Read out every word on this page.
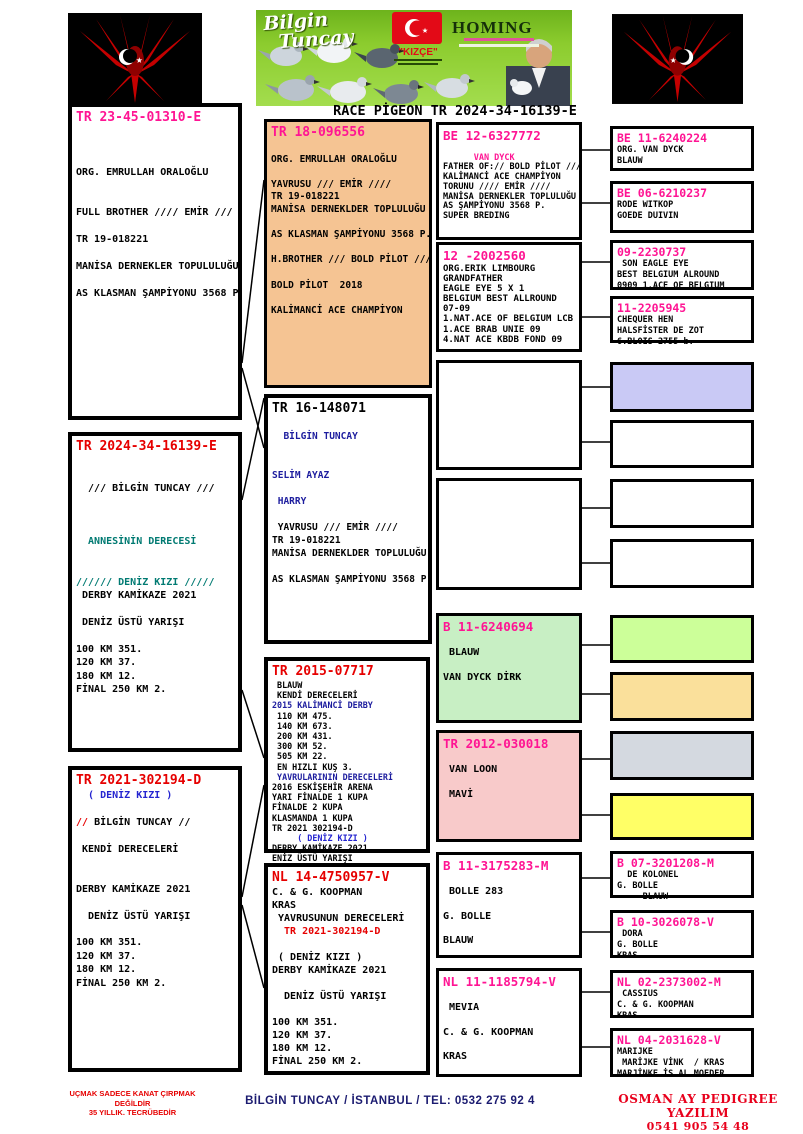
★
Bilgin
Tuncay	★
"KIZÇE"
HOMING
★
RACE PİGEON TR 2024-34-16139-E
TR 23-45-01310-E

ORG. EMRULLAH ORALOĞLU

FULL BROTHER //// EMİR ///

TR 19-018221

MANİSA DERNEKLER TOPULULUĞU

AS KLASMAN ŞAMPİYONU 3568 P
TR 2024-34-16139-E

/// BİLGİN TUNCAY ///

ANNESİNİN DERECESİ

////// DENİZ KIZI /////
DERBY KAMİKAZE 2021

DENİZ ÜSTÜ YARIŞI

100 KM 351.
120 KM 37.
180 KM 12.
FİNAL 250 KM 2.
TR 2021-302194-D
( DENİZ KIZI )

// BİLGİN TUNCAY //

KENDİ DERECELERİ

DERBY KAMİKAZE 2021

DENİZ ÜSTÜ YARIŞI

100 KM 351.
120 KM 37.
180 KM 12.
FİNAL 250 KM 2.
TR 18-096556

ORG. EMRULLAH ORALOĞLU

YAVRUSU /// EMİR ////
TR 19-018221
MANİSA DERNEKLDER TOPLULUĞU

AS KLASMAN ŞAMPİYONU 3568 P.

H.BROTHER /// BOLD PİLOT ///

BOLD PİLOT  2018

KALİMANCİ ACE CHAMPİYON
TR 16-148071

BİLGİN TUNCAY

SELİM AYAZ

HARRY

YAVRUSU /// EMİR ////
TR 19-018221
MANİSA DERNEKLDER TOPLULUĞU

AS KLASMAN ŞAMPİYONU 3568 P.
TR 2015-07717
BLAUW
KENDİ DERECELERİ
2015 KALİMANCİ DERBY
110 KM 475.
140 KM 673.
200 KM 431.
300 KM 52.
505 KM 22.
EN HIZLI KUŞ 3.
YAVRULARININ DERECELERİ
2016 ESKİŞEHİR ARENA
YARI FİNALDE 1 KUPA
FİNALDE 2 KUPA
KLASMANDA 1 KUPA
TR 2021 302194-D
( DENİZ KIZI )
DERBY KAMİKAZE 2021
ENİZ ÜSTÜ YARIŞI
NL 14-4750957-V
C. & G. KOOPMAN
KRAS
YAVRUSUNUN DERECELERİ
TR 2021-302194-D

( DENİZ KIZI )
DERBY KAMİKAZE 2021

DENİZ ÜSTÜ YARIŞI

100 KM 351.
120 KM 37.
180 KM 12.
FİNAL 250 KM 2.
BE 12-6327772

VAN DYCK
FATHER OF:// BOLD PİLOT ///
KALİMANCİ ACE CHAMPİYON
TORUNU //// EMİR ////
MANİSA DERNEKLER TOPLULUĞU
AS ŞAMPİYONU 3568 P.
SUPER BREDING
12 -2002560
ORG.ERIK LIMBOURG
GRANDFATHER
EAGLE EYE 5 X 1
BELGIUM BEST ALLROUND
07-09
1.NAT.ACE OF BELGIUM LCB
1.ACE BRAB UNIE 09
4.NAT ACE KBDB FOND 09
B 11-6240694

BLAUW

VAN DYCK DİRK
TR 2012-030018

VAN LOON

MAVİ
B 11-3175283-M

BOLLE 283

G. BOLLE

BLAUW
NL 11-1185794-V

MEVIA

C. & G. KOOPMAN

KRAS
BE 11-6240224
ORG. VAN DYCK
BLAUW
BE 06-6210237
RODE WITKOP
GOEDE DUIVIN
09-2230737
SON EAGLE EYE
BEST BELGIUM ALROUND
0909 1.ACE OF BELGIUM
11-2205945
CHEQUER HEN
HALSFİSTER DE ZOT
6.BLOIS 2755 b.
B 07-3201208-M
DE KOLONEL
G. BOLLE
BLAUW
B 10-3026078-V
DORA
G. BOLLE
KRAS
NL 02-2373002-M
CASSIUS
C. & G. KOOPMAN
KRAS
NL 04-2031628-V
MARIJKE
MARİJKE VİNK  / KRAS
MARJİNKE İS AL MOEDER
UÇMAK SADECE KANAT ÇIRPMAK
DEĞİLDİR
35 YILLIK. TECRÜBEDİR
BİLGİN TUNCAY / İSTANBUL / TEL: 0532 275 92 4	OSMAN AY PEDIGREE YAZILIM
0541 905 54 48
